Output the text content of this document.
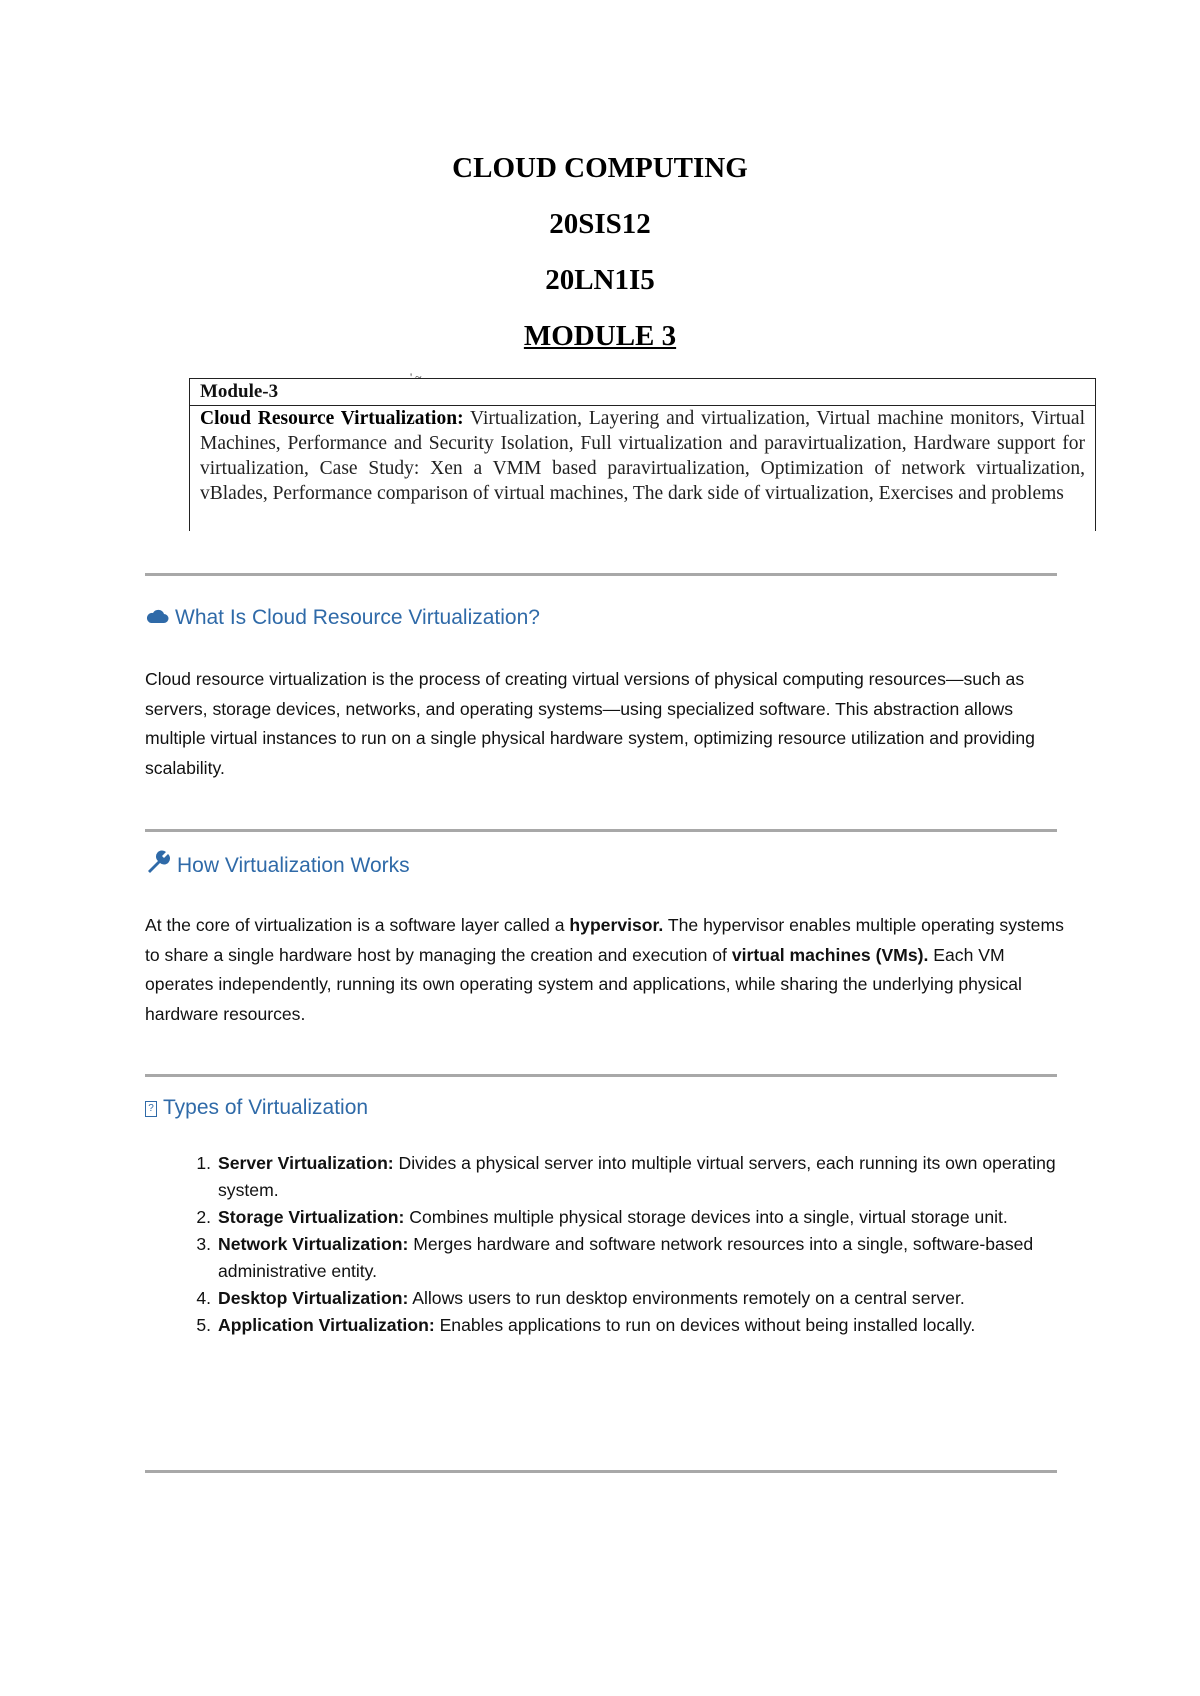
CLOUD COMPUTING

20SIS12

20LN1I5

MODULE 3

' ~
Module-3
Cloud Resource Virtualization: Virtualization, Layering and virtualization, Virtual machine monitors, Virtual Machines, Performance and Security Isolation, Full virtualization and paravirtualization, Hardware support for virtualization, Case Study: Xen a VMM based paravirtualization, Optimization of network virtualization, vBlades, Performance comparison of virtual machines, The dark side of virtualization, Exercises and problems
What Is Cloud Resource Virtualization?

Cloud resource virtualization is the process of creating virtual versions of physical computing resources—such as servers, storage devices, networks, and operating systems—using specialized software. This abstraction allows multiple virtual instances to run on a single physical hardware system, optimizing resource utilization and providing scalability.

How Virtualization Works

At the core of virtualization is a software layer called a hypervisor. The hypervisor enables multiple operating systems to share a single hardware host by managing the creation and execution of virtual machines (VMs). Each VM operates independently, running its own operating system and applications, while sharing the underlying physical hardware resources.

? Types of Virtualization
1. Server Virtualization: Divides a physical server into multiple virtual servers, each running its own operating system.
2. Storage Virtualization: Combines multiple physical storage devices into a single, virtual storage unit.
3. Network Virtualization: Merges hardware and software network resources into a single, software-based administrative entity.
4. Desktop Virtualization: Allows users to run desktop environments remotely on a central server.
5. Application Virtualization: Enables applications to run on devices without being installed locally.
